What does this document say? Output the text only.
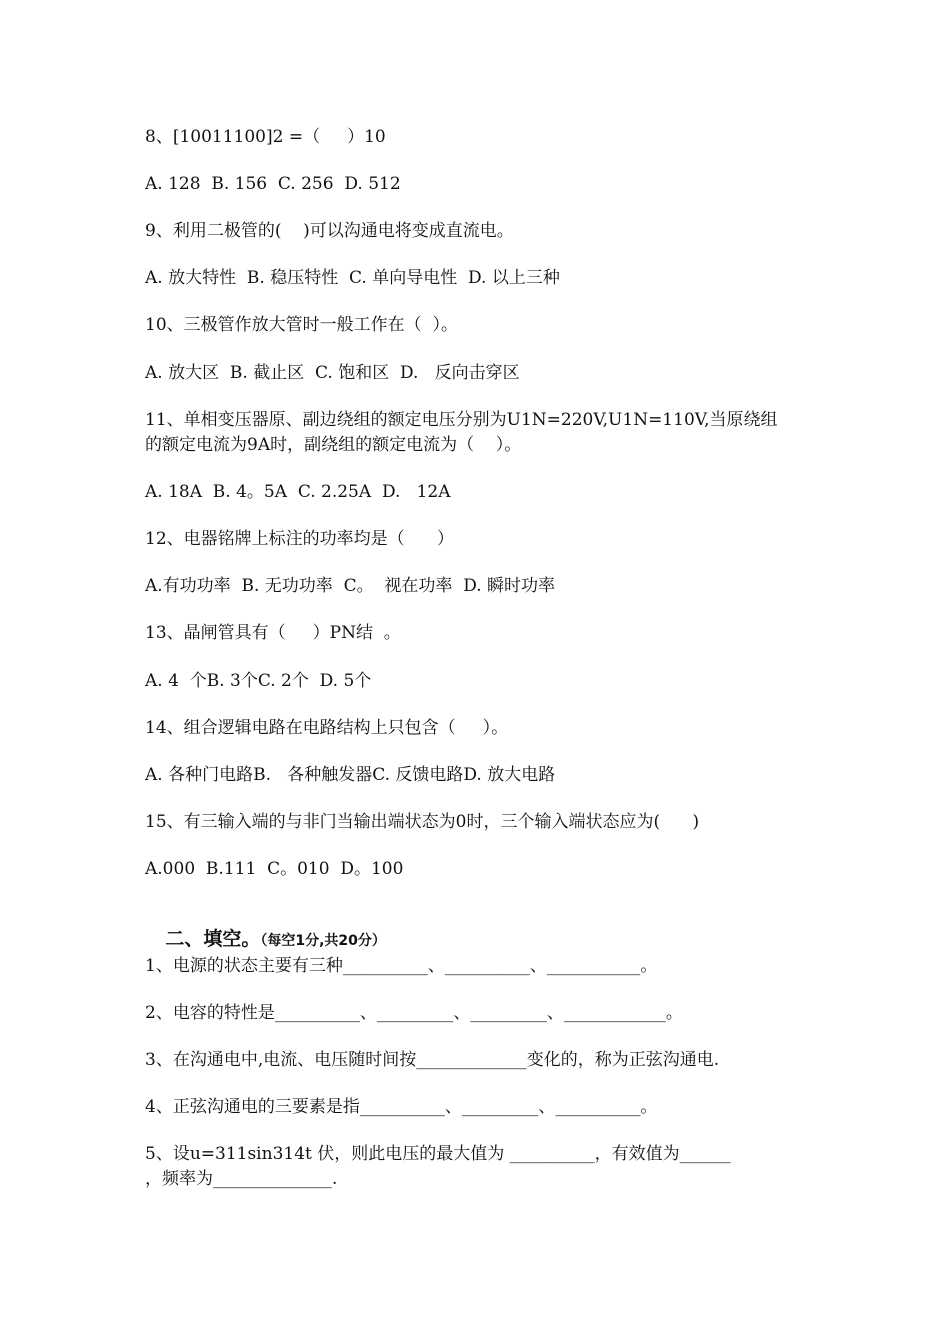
8、[10011100]2 =（     ）10
A. 128  B. 156  C. 256  D. 512
9、利用二极管的(    )可以沟通电将变成直流电。
A. 放大特性  B. 稳压特性  C. 单向导电性  D. 以上三种
10、三极管作放大管时一般工作在（  ）。
A. 放大区  B. 截止区  C. 饱和区  D.   反向击穿区
11、单相变压器原、副边绕组的额定电压分别为U1N=220V,U1N=110V,当原绕组
的额定电流为9A时，副绕组的额定电流为（    ）。
A. 18A  B. 4。5A  C. 2.25A  D.   12A
12、电器铭牌上标注的功率均是（      ）
A.有功功率  B. 无功功率  C。  视在功率  D. 瞬时功率
13、晶闸管具有（     ）PN结  。
A. 4  个B. 3个C. 2个  D. 5个
14、组合逻辑电路在电路结构上只包含（     ）。
A. 各种门电路B.   各种触发器C. 反馈电路D. 放大电路
15、有三输入端的与非门当输出端状态为0时，三个输入端状态应为(      )
A.000  B.111  C。010  D。100

二、填空。（每空1分,共20分）

1、电源的状态主要有三种__________、__________、___________。
2、电容的特性是__________、_________、_________、____________。
3、在沟通电中,电流、电压随时间按_____________变化的，称为正弦沟通电.
4、正弦沟通电的三要素是指__________、_________、__________。
5、设u=311sin314t 伏，则此电压的最大值为 __________，有效值为______
，频率为______________.
